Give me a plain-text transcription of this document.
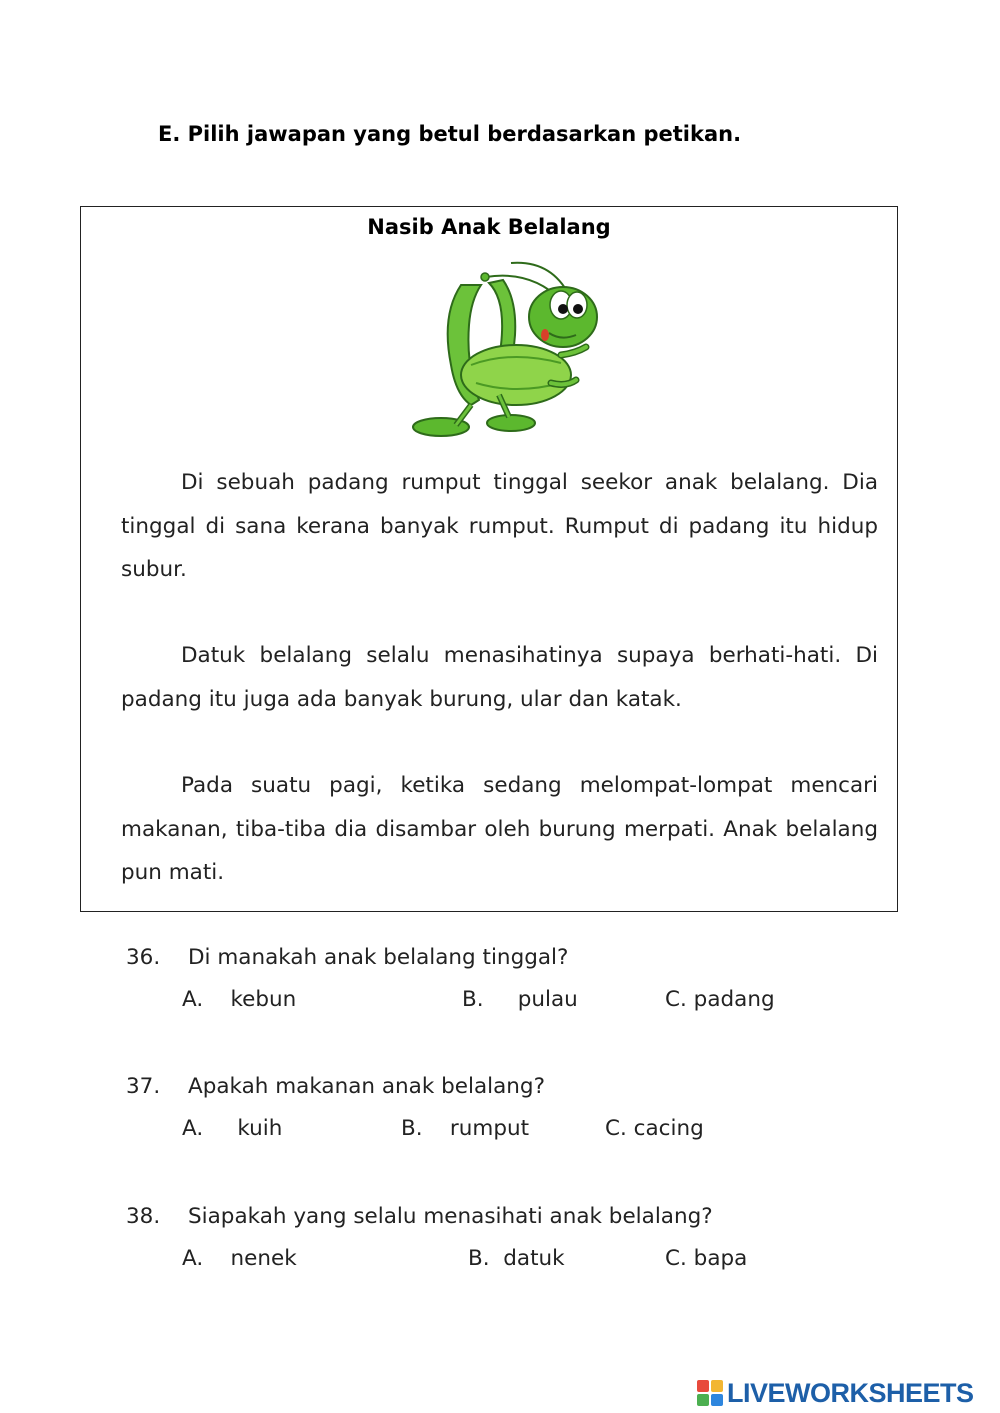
E. Pilih jawapan yang betul berdasarkan petikan.

Nasib Anak Belalang

Di sebuah padang rumput tinggal seekor anak belalang. Dia tinggal di sana kerana banyak rumput. Rumput di padang itu hidup subur.

Datuk belalang selalu menasihatinya supaya berhati-hati. Di padang itu juga ada banyak burung, ular dan katak.

Pada suatu pagi, ketika sedang melompat-lompat mencari makanan, tiba-tiba dia disambar oleh burung merpati. Anak belalang pun mati.

36. Di manakah anak belalang tinggal?
A.    kebun	B.     pulau	C. padang
37. Apakah makanan anak belalang?
A.     kuih	B.    rumput	C. cacing
38. Siapakah yang selalu menasihati anak belalang?
A.    nenek	B.  datuk	C. bapa
LIVEWORKSHEETS
